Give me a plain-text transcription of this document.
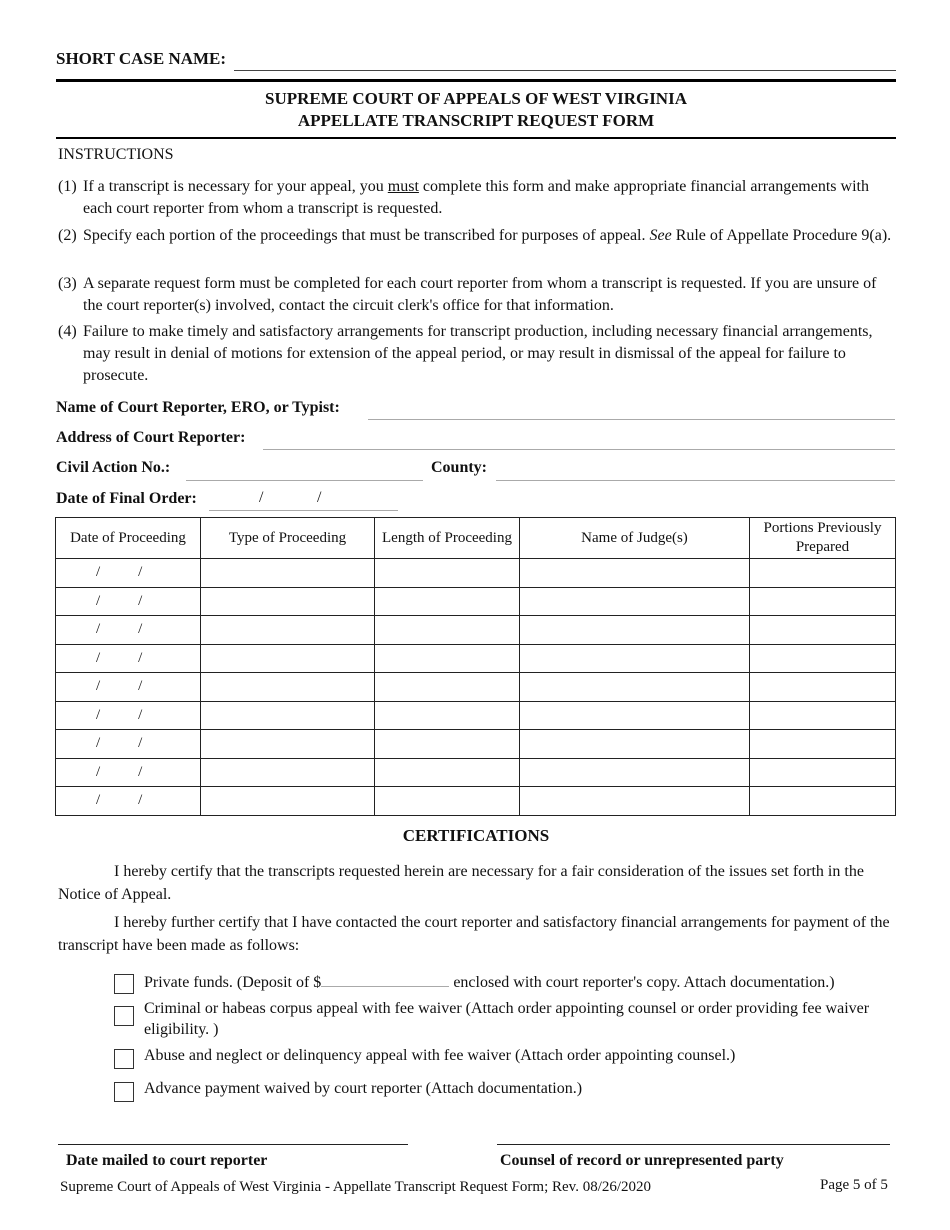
SHORT CASE NAME:
SUPREME COURT OF APPEALS OF WEST VIRGINIA
APPELLATE TRANSCRIPT REQUEST FORM
INSTRUCTIONS
(1) If a transcript is necessary for your appeal, you must complete this form and make appropriate financial arrangements with each court reporter from whom a transcript is requested.
(2) Specify each portion of the proceedings that must be transcribed for purposes of appeal. See Rule of Appellate Procedure 9(a).
(3) A separate request form must be completed for each court reporter from whom a transcript is requested. If you are unsure of the court reporter(s) involved, contact the circuit clerk's office for that information.
(4) Failure to make timely and satisfactory arrangements for transcript production, including necessary financial arrangements, may result in denial of motions for extension of the appeal period, or may result in dismissal of the appeal for failure to prosecute.
Name of Court Reporter, ERO, or Typist:
Address of Court Reporter:
Civil Action No.:	County:
Date of Final Order:	/	/
Date of Proceeding	Type of Proceeding	Length of Proceeding	Name of Judge(s)	Portions Previously Prepared
/ /				
/ /				
/ /				
/ /				
/ /				
/ /				
/ /				
/ /				
/ /				
CERTIFICATIONS
I hereby certify that the transcripts requested herein are necessary for a fair consideration of the issues set forth in the Notice of Appeal.
I hereby further certify that I have contacted the court reporter and satisfactory financial arrangements for payment of the transcript have been made as follows:
Private funds. (Deposit of $	enclosed with court reporter's copy. Attach documentation.)
Criminal or habeas corpus appeal with fee waiver (Attach order appointing counsel or order providing fee waiver eligibility. )
Abuse and neglect or delinquency appeal with fee waiver (Attach order appointing counsel.)
Advance payment waived by court reporter (Attach documentation.)
Date mailed to court reporter	Counsel of record or unrepresented party
Supreme Court of Appeals of West Virginia - Appellate Transcript Request Form; Rev. 08/26/2020	Page 5 of 5
